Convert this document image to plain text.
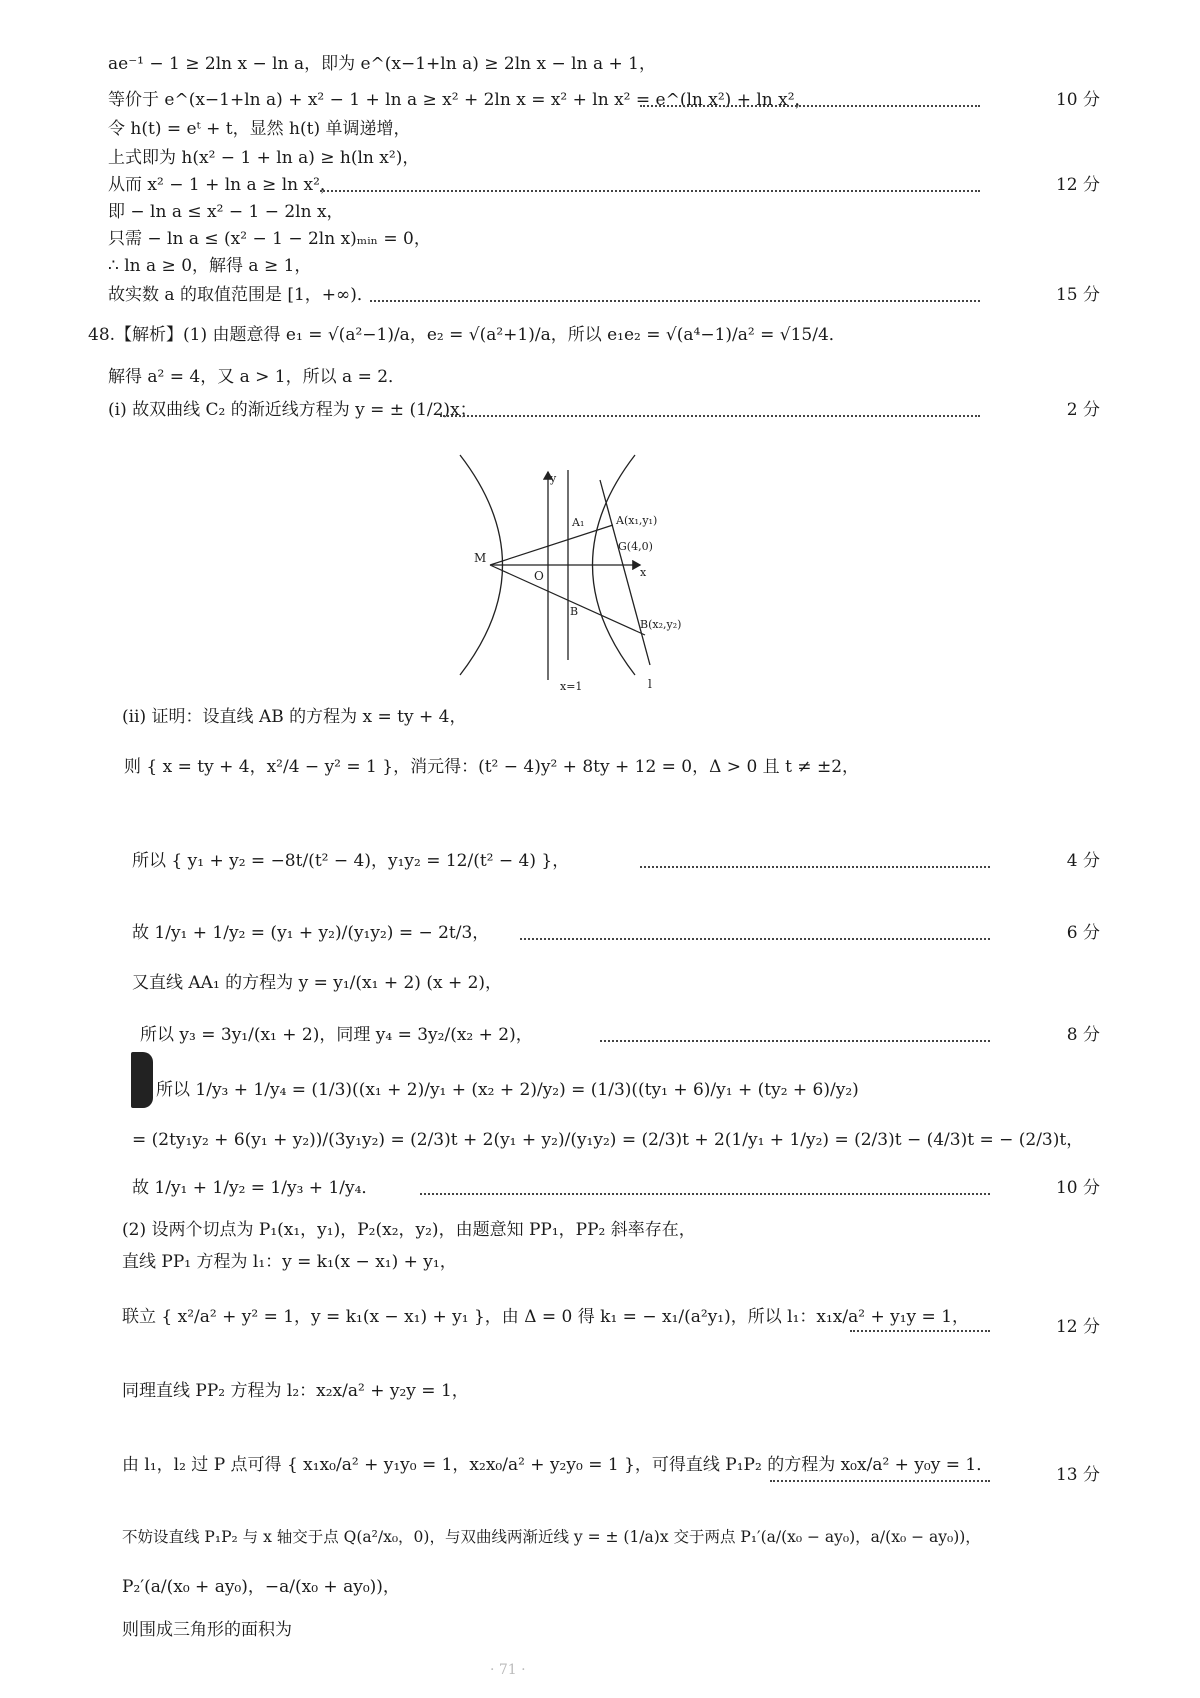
ae⁻¹ − 1 ≥ 2ln x − ln a，即为 e^(x−1+ln a) ≥ 2ln x − ln a + 1，
等价于 e^(x−1+ln a) + x² − 1 + ln a ≥ x² + 2ln x = x² + ln x² = e^(ln x²) + ln x²，	10 分
令 h(t) = eᵗ + t，显然 h(t) 单调递增，
上式即为 h(x² − 1 + ln a) ≥ h(ln x²)，
从而 x² − 1 + ln a ≥ ln x²，	12 分
即 − ln a ≤ x² − 1 − 2ln x，
只需 − ln a ≤ (x² − 1 − 2ln x)ₘᵢₙ = 0，
∴ ln a ≥ 0，解得 a ≥ 1，
故实数 a 的取值范围是 [1，+∞)．	15 分
48.【解析】(1) 由题意得 e₁ = √(a²−1)/a，e₂ = √(a²+1)/a，所以 e₁e₂ = √(a⁴−1)/a² = √15/4．
解得 a² = 4，又 a > 1，所以 a = 2．
(ⅰ) 故双曲线 C₂ 的渐近线方程为 y = ± (1/2)x；	2 分
y
x
O
M
A(x₁,y₁)
G(4,0)
B(x₂,y₂)
A₁
B
x=1	l
(ⅱ) 证明：设直线 AB 的方程为 x = ty + 4，
则 { x = ty + 4，x²/4 − y² = 1 }，消元得：(t² − 4)y² + 8ty + 12 = 0，Δ > 0 且 t ≠ ±2，
所以 { y₁ + y₂ = −8t/(t² − 4)，y₁y₂ = 12/(t² − 4) }，	4 分
故 1/y₁ + 1/y₂ = (y₁ + y₂)/(y₁y₂) = − 2t/3，	6 分
又直线 AA₁ 的方程为 y = y₁/(x₁ + 2) (x + 2)，
所以 y₃ = 3y₁/(x₁ + 2)，同理 y₄ = 3y₂/(x₂ + 2)，	8 分
所以 1/y₃ + 1/y₄ = (1/3)((x₁ + 2)/y₁ + (x₂ + 2)/y₂) = (1/3)((ty₁ + 6)/y₁ + (ty₂ + 6)/y₂)
= (2ty₁y₂ + 6(y₁ + y₂))/(3y₁y₂) = (2/3)t + 2(y₁ + y₂)/(y₁y₂) = (2/3)t + 2(1/y₁ + 1/y₂) = (2/3)t − (4/3)t = − (2/3)t，
故 1/y₁ + 1/y₂ = 1/y₃ + 1/y₄．	10 分
(2) 设两个切点为 P₁(x₁，y₁)，P₂(x₂，y₂)，由题意知 PP₁，PP₂ 斜率存在，
直线 PP₁ 方程为 l₁：y = k₁(x − x₁) + y₁，
联立 { x²/a² + y² = 1，y = k₁(x − x₁) + y₁ }，由 Δ = 0 得 k₁ = − x₁/(a²y₁)，所以 l₁：x₁x/a² + y₁y = 1，	12 分
同理直线 PP₂ 方程为 l₂：x₂x/a² + y₂y = 1，
由 l₁，l₂ 过 P 点可得 { x₁x₀/a² + y₁y₀ = 1，x₂x₀/a² + y₂y₀ = 1 }，可得直线 P₁P₂ 的方程为 x₀x/a² + y₀y = 1．	13 分
不妨设直线 P₁P₂ 与 x 轴交于点 Q(a²/x₀，0)，与双曲线两渐近线 y = ± (1/a)x 交于两点 P₁′(a/(x₀ − ay₀)，a/(x₀ − ay₀))，
P₂′(a/(x₀ + ay₀)，−a/(x₀ + ay₀))，
则围成三角形的面积为
· 71 ·
